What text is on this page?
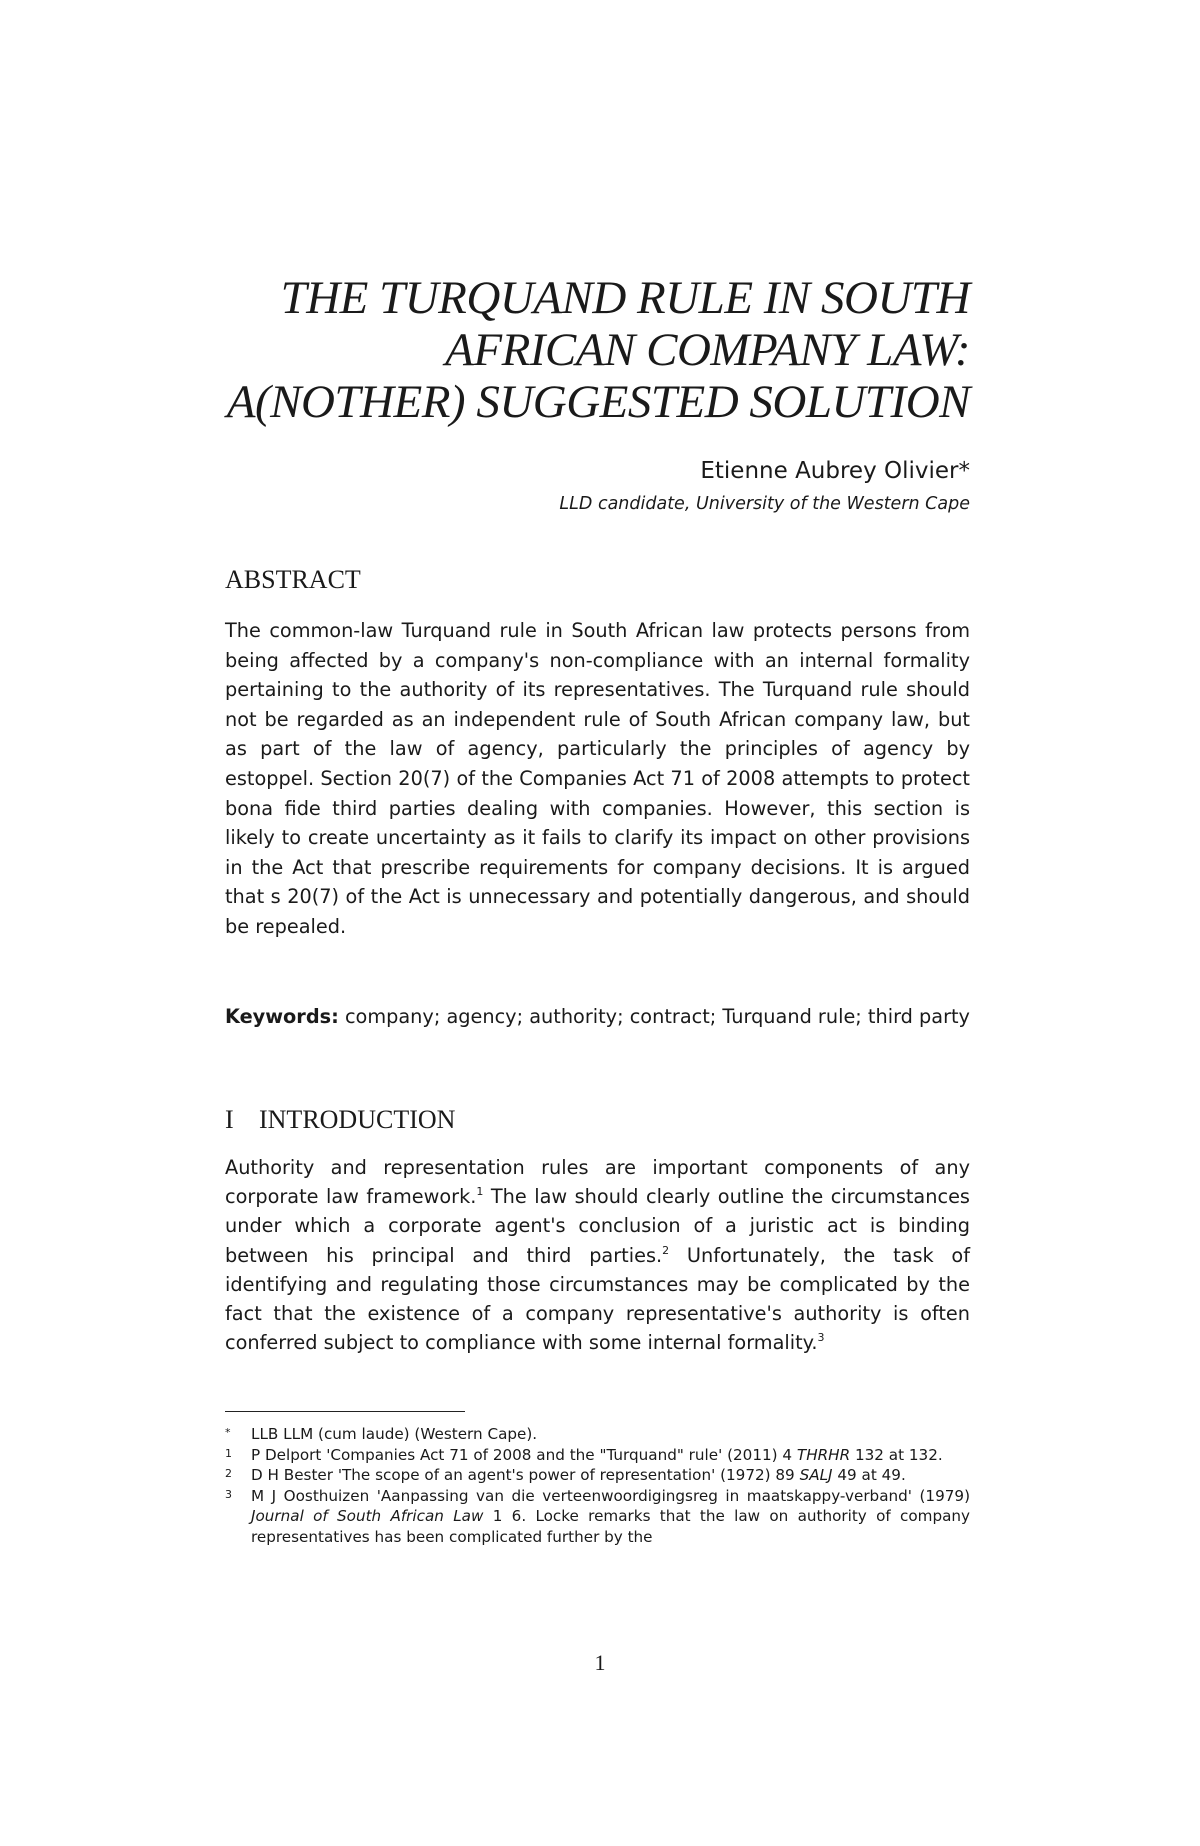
THE TURQUAND RULE IN SOUTH
AFRICAN COMPANY LAW:
A(NOTHER) SUGGESTED SOLUTION
Etienne Aubrey Olivier*
LLD candidate, University of the Western Cape
ABSTRACT
The common-law Turquand rule in South African law protects persons from being affected by a company's non-compliance with an internal formality pertaining to the authority of its representatives. The Turquand rule should not be regarded as an independent rule of South African company law, but as part of the law of agency, particularly the principles of agency by estoppel. Section 20(7) of the Companies Act 71 of 2008 attempts to protect bona fide third parties dealing with companies. However, this section is likely to create uncertainty as it fails to clarify its impact on other provisions in the Act that prescribe requirements for company decisions. It is argued that s 20(7) of the Act is unnecessary and potentially dangerous, and should be repealed.
Keywords: company; agency; authority; contract; Turquand rule; third party
I INTRODUCTION
Authority and representation rules are important components of any corporate law framework.$^1$ The law should clearly outline the circumstances under which a corporate agent's conclusion of a juristic act is binding between his principal and third parties.$^2$ Unfortunately, the task of identifying and regulating those circumstances may be complicated by the fact that the existence of a company representative's authority is often conferred subject to compliance with some internal formality.$^3$
*	LLB LLM (cum laude) (Western Cape).
1	P Delport 'Companies Act 71 of 2008 and the "Turquand" rule' (2011) 4 THRHR 132 at 132.
2	D H Bester 'The scope of an agent's power of representation' (1972) 89 SALJ 49 at 49.
3	M J Oosthuizen 'Aanpassing van die verteenwoordigingsreg in maatskappy-verband' (1979) Journal of South African Law 1 6. Locke remarks that the law on authority of company representatives has been complicated further by the
1
